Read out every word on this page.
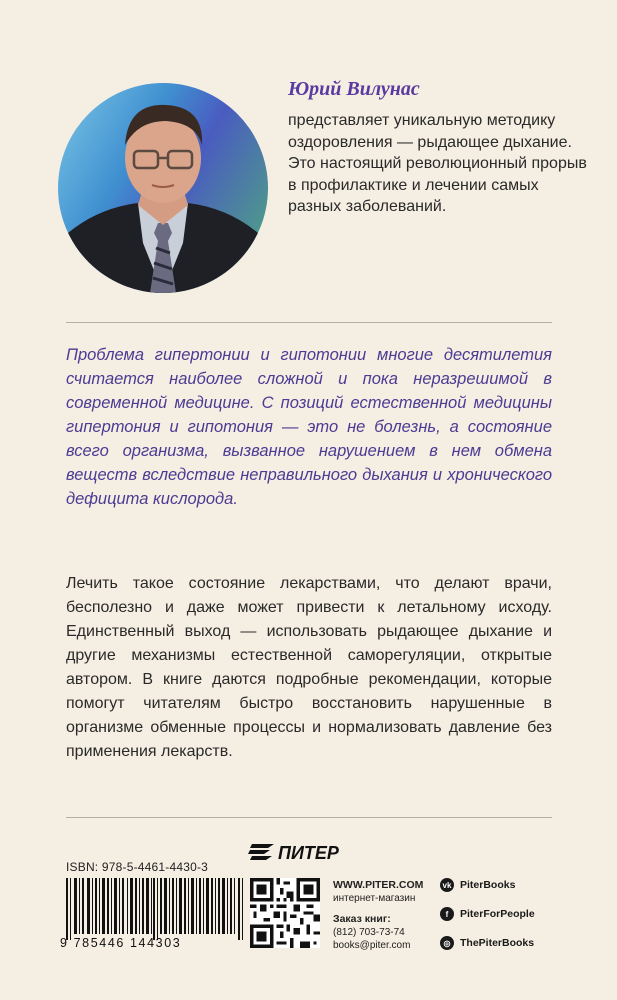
Юрий Вилунас

представляет уникальную методику оздоровления — рыдающее дыхание. Это настоящий революционный прорыв в профилактике и лечении самых разных заболеваний.

Проблема гипертонии и гипотонии многие десятилетия считается наиболее сложной и пока неразрешимой в современной медицине. С позиций естественной медицины гипертония и гипотония — это не болезнь, а состояние всего организма, вызванное нарушением в нем обмена веществ вследствие неправильного дыхания и хронического дефицита кислорода.

Лечить такое состояние лекарствами, что делают врачи, бесполезно и даже может привести к летальному исходу. Единственный выход — использовать рыдающее дыхание и другие механизмы естественной саморегуляции, открытые автором. В книге даются подробные рекомендации, которые помогут читателям быстро восстановить нарушенные в организме обменные процессы и нормализовать давление без применения лекарств.

ПИТЕР

ISBN: 978-5-4461-4430-3

9 785446 144303

WWW.PITER.COM

интернет-магазин

Заказ книг:

(812) 703-73-74

books@piter.com

vk PiterBooks
f	PiterForPeople
◎ ThePiterBooks
